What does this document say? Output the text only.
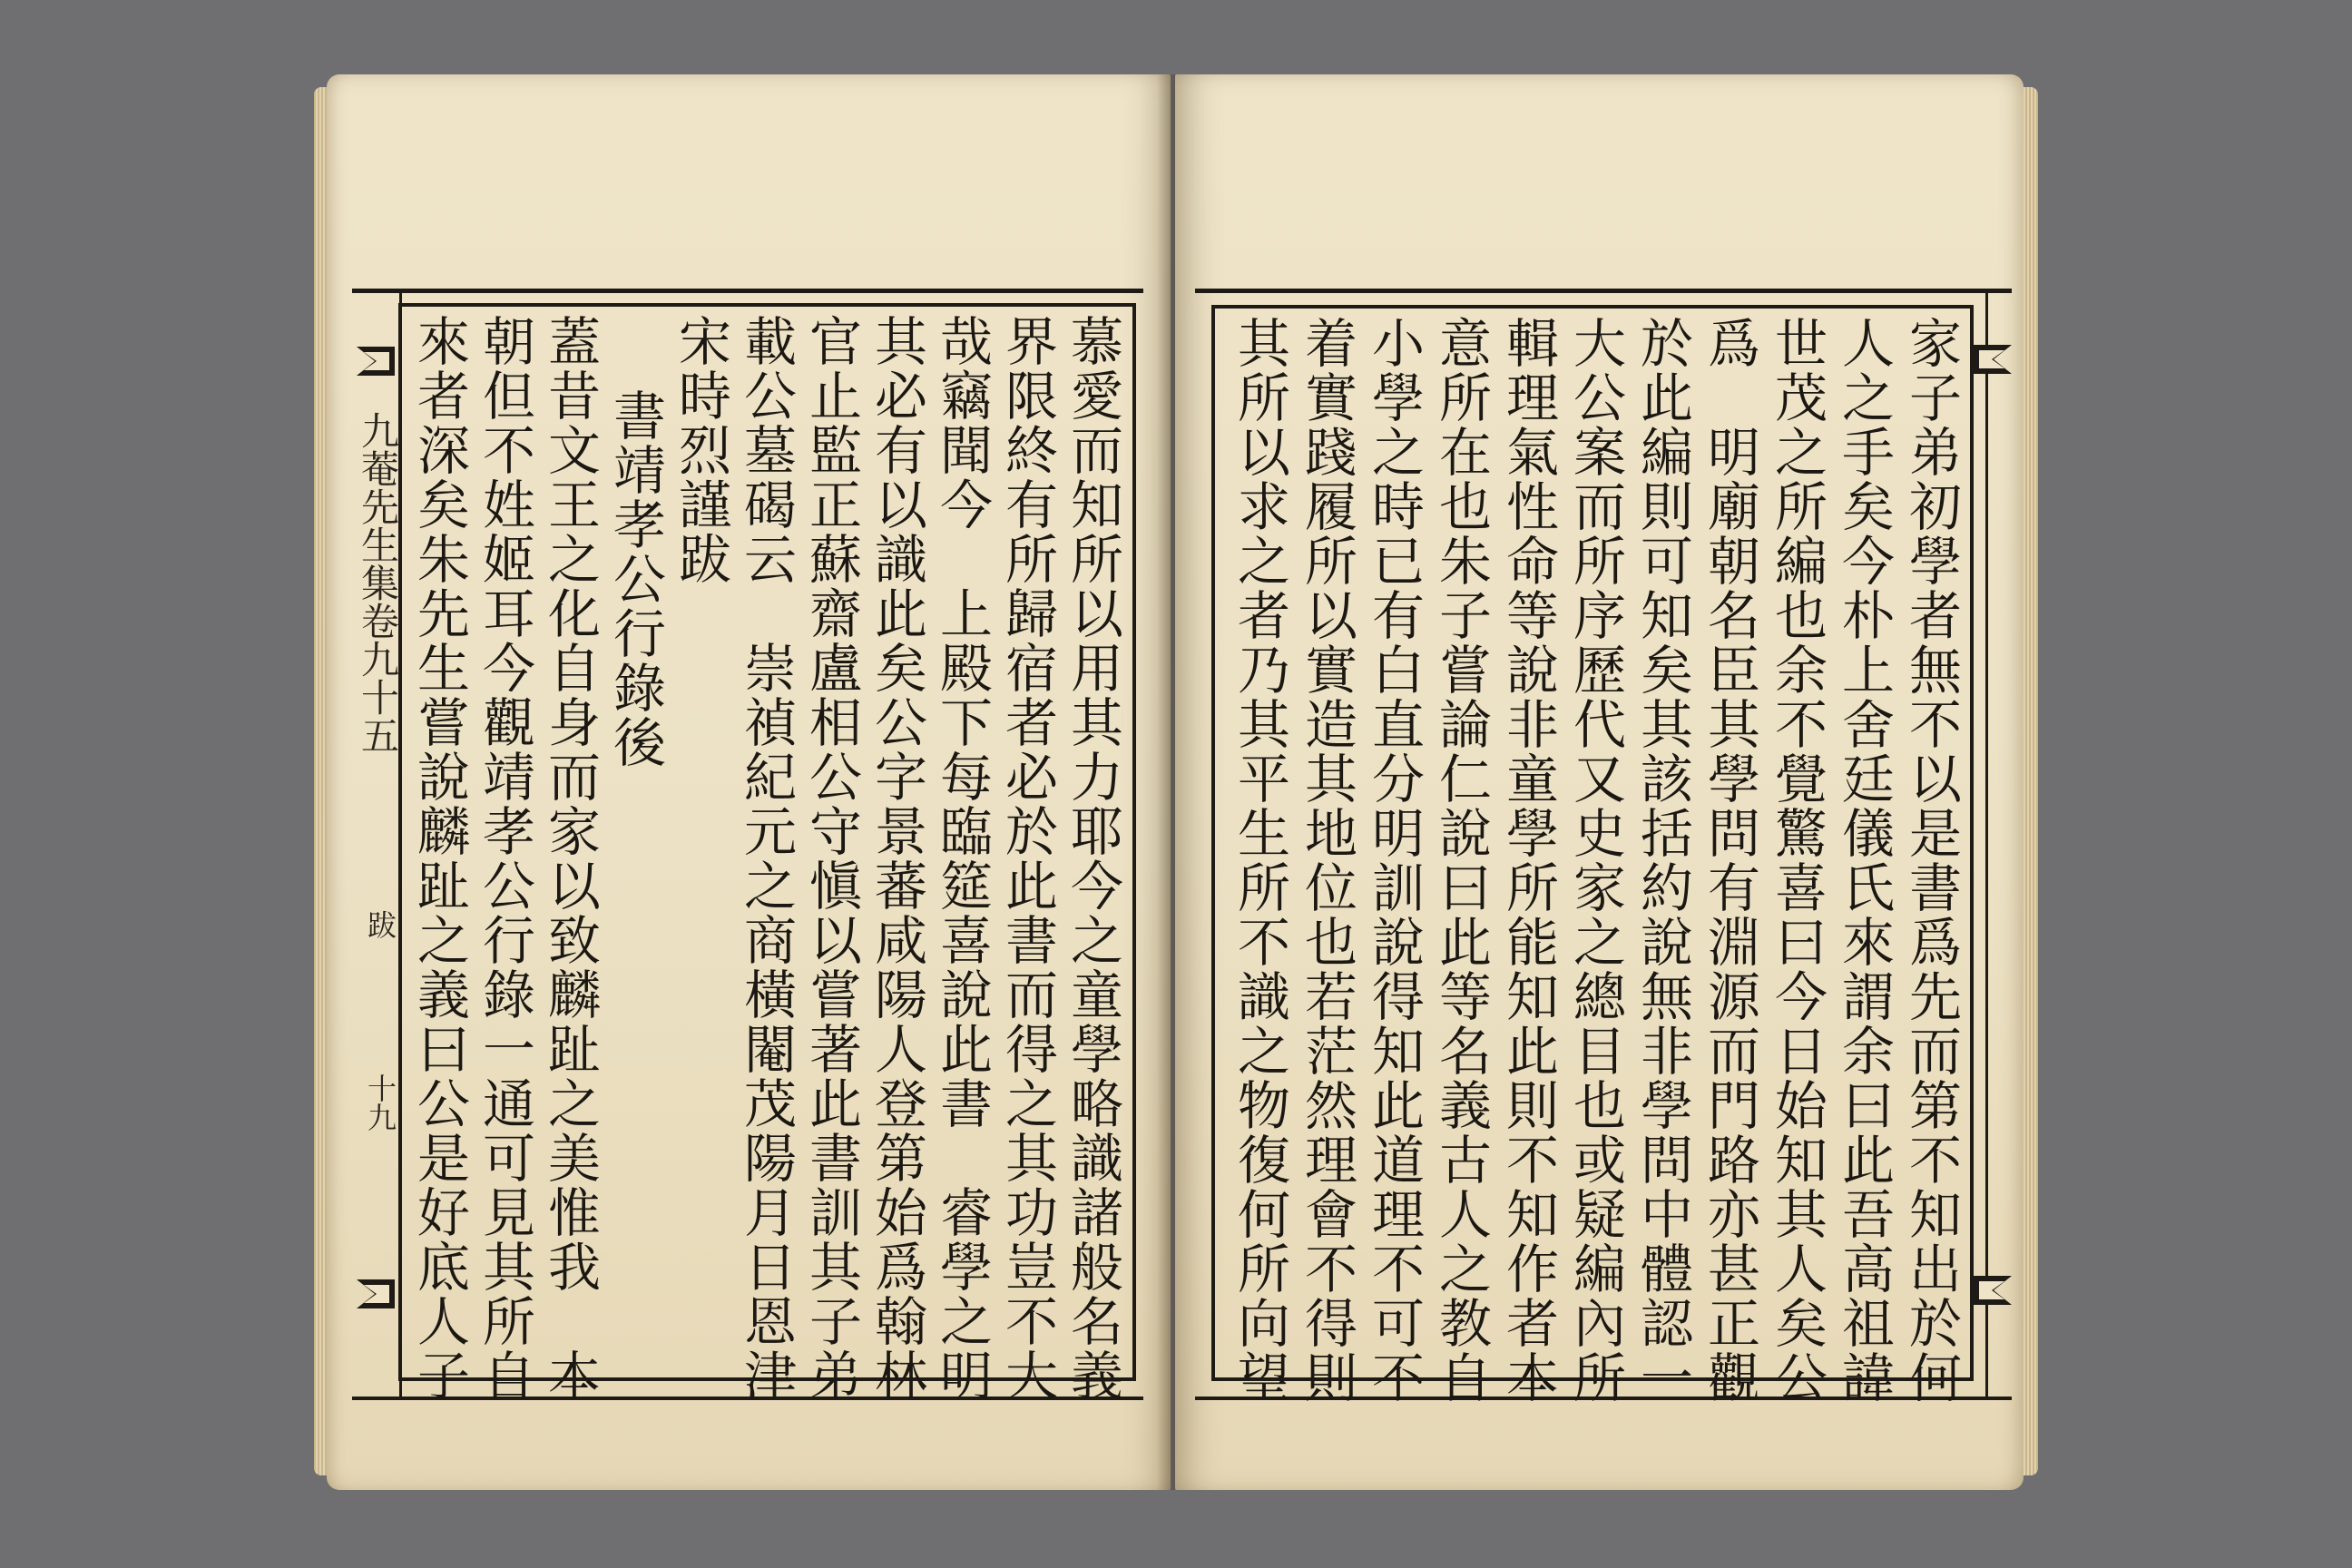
九菴先生集卷九十五
跋
十九	慕愛而知所以用其力耶今之童學略識諸般名義
界限終有所歸宿者必於此書而得之其功豈不大
哉竊聞今　上殿下每臨筵喜說此書　睿學之明
其必有以識此矣公字景蕃咸陽人登第始爲翰林
官止監正蘇齋盧相公守愼以嘗著此書訓其子弟
載公墓碣云　崇禎紀元之商橫閹茂陽月日恩津
宋時烈謹跋
書靖孝公行錄後
蓋昔文王之化自身而家以致麟趾之美惟我　本
朝但不姓姬耳今觀靖孝公行錄一通可見其所自
來者深矣朱先生嘗說麟趾之義曰公是好底人子	家子弟初學者無不以是書爲先而第不知出於何
人之手矣今朴上舍廷儀氏來謂余曰此吾高祖諱
世茂之所編也余不覺驚喜曰今日始知其人矣公
爲　明廟朝名臣其學問有淵源而門路亦甚正觀
於此編則可知矣其該括約說無非學問中體認一
大公案而所序歷代又史家之總目也或疑編內所
輯理氣性命等說非童學所能知此則不知作者本
意所在也朱子嘗論仁說曰此等名義古人之教自
小學之時已有白直分明訓說得知此道理不可不
着實踐履所以實造其地位也若茫然理會不得則
其所以求之者乃其平生所不識之物復何所向望
